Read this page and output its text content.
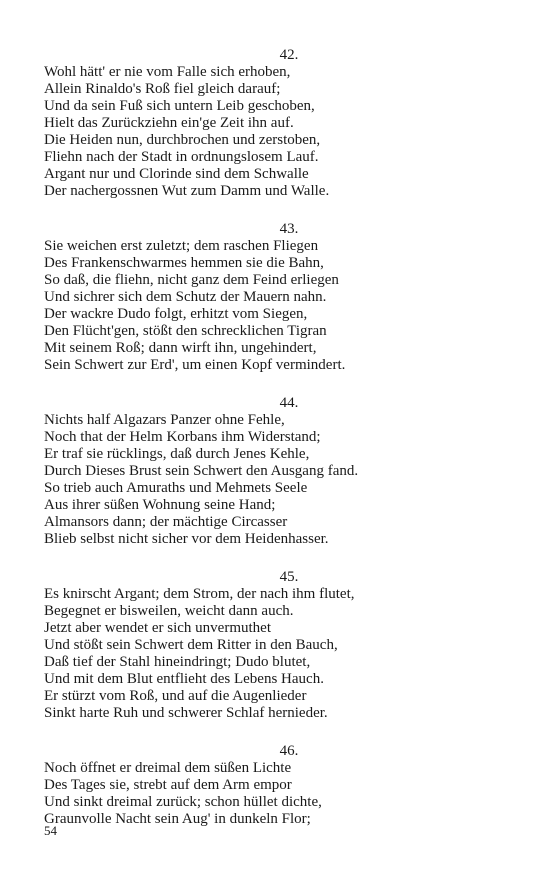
42.
Wohl hätt' er nie vom Falle sich erhoben,
Allein Rinaldo's Roß fiel gleich darauf;
Und da sein Fuß sich untern Leib geschoben,
Hielt das Zurückziehn ein'ge Zeit ihn auf.
Die Heiden nun, durchbrochen und zerstoben,
Fliehn nach der Stadt in ordnungslosem Lauf.
Argant nur und Clorinde sind dem Schwalle
Der nachergossnen Wut zum Damm und Walle.
43.
Sie weichen erst zuletzt; dem raschen Fliegen
Des Frankenschwarmes hemmen sie die Bahn,
So daß, die fliehn, nicht ganz dem Feind erliegen
Und sichrer sich dem Schutz der Mauern nahn.
Der wackre Dudo folgt, erhitzt vom Siegen,
Den Flücht'gen, stößt den schrecklichen Tigran
Mit seinem Roß; dann wirft ihn, ungehindert,
Sein Schwert zur Erd', um einen Kopf vermindert.
44.
Nichts half Algazars Panzer ohne Fehle,
Noch that der Helm Korbans ihm Widerstand;
Er traf sie rücklings, daß durch Jenes Kehle,
Durch Dieses Brust sein Schwert den Ausgang fand.
So trieb auch Amuraths und Mehmets Seele
Aus ihrer süßen Wohnung seine Hand;
Almansors dann; der mächtige Circasser
Blieb selbst nicht sicher vor dem Heidenhasser.
45.
Es knirscht Argant; dem Strom, der nach ihm flutet,
Begegnet er bisweilen, weicht dann auch.
Jetzt aber wendet er sich unvermuthet
Und stößt sein Schwert dem Ritter in den Bauch,
Daß tief der Stahl hineindringt; Dudo blutet,
Und mit dem Blut entflieht des Lebens Hauch.
Er stürzt vom Roß, und auf die Augenlieder
Sinkt harte Ruh und schwerer Schlaf hernieder.
46.
Noch öffnet er dreimal dem süßen Lichte
Des Tages sie, strebt auf dem Arm empor
Und sinkt dreimal zurück; schon hüllet dichte,
Graunvolle Nacht sein Aug' in dunkeln Flor;
54
